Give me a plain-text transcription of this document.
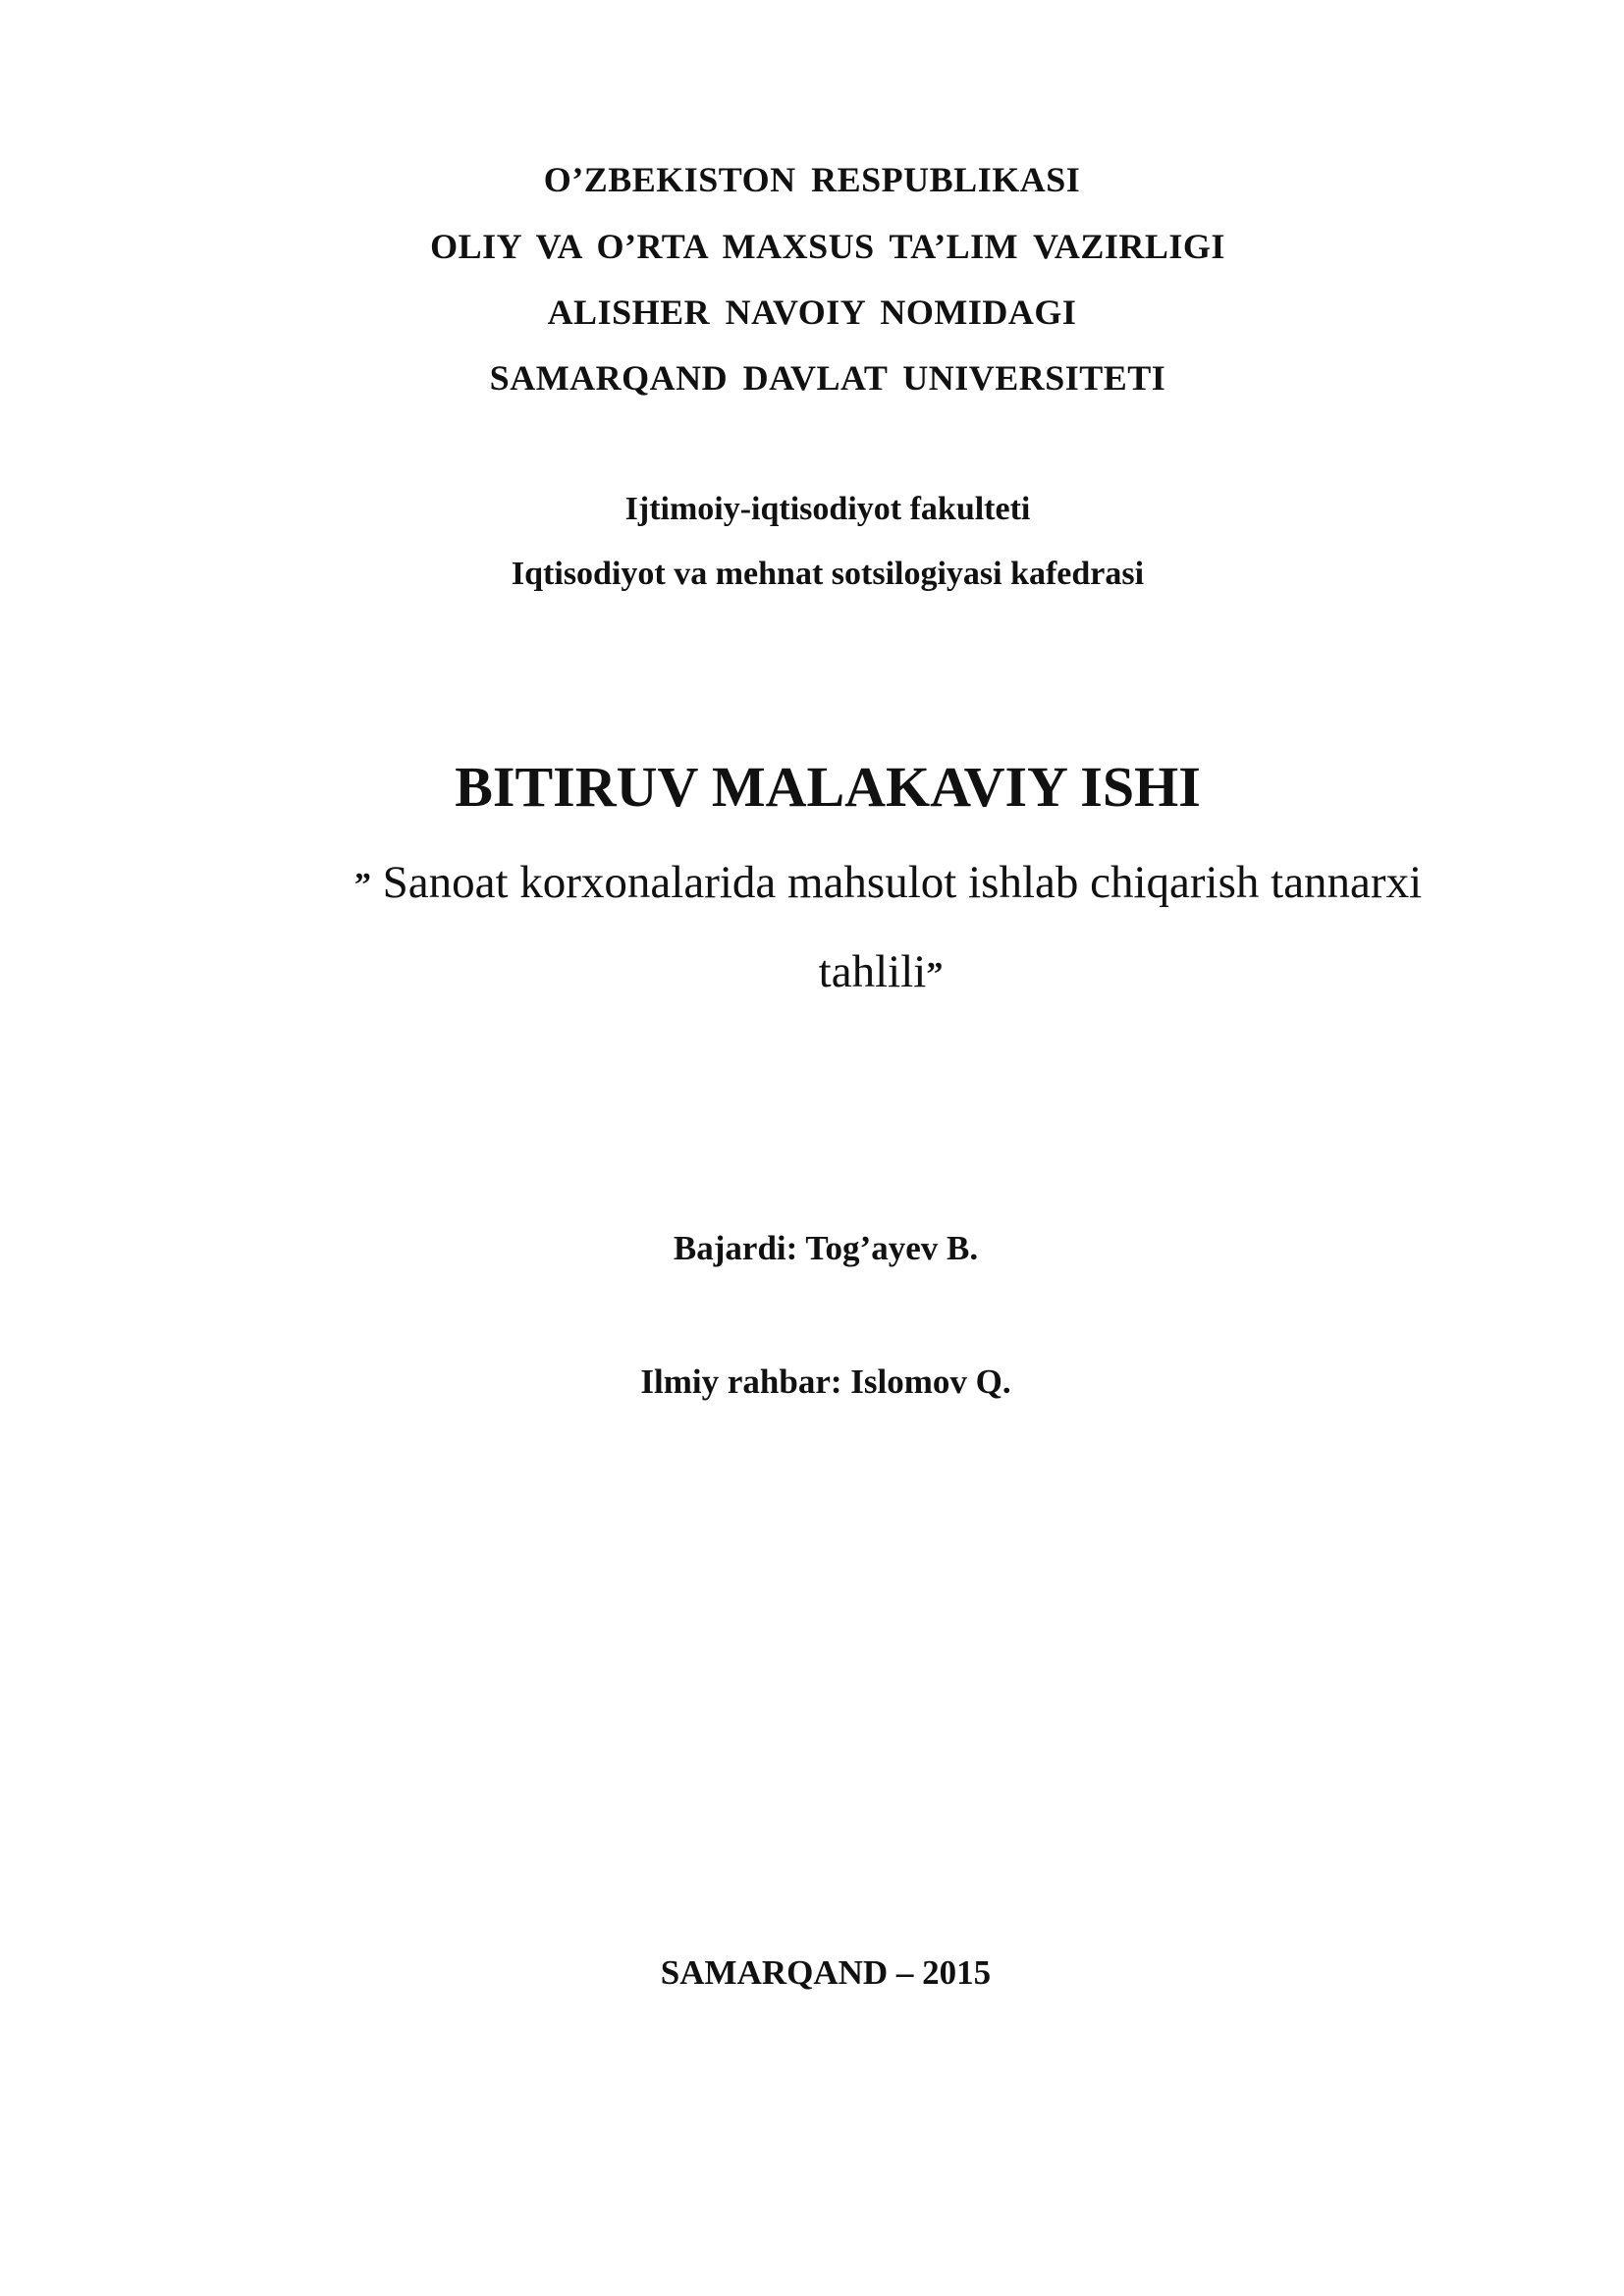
O’ZBEKISTON RESPUBLIKASI

OLIY VA O’RTA MAXSUS TA’LIM VAZIRLIGI

ALISHER NAVOIY NOMIDAGI

SAMARQAND DAVLAT UNIVERSITETI

Ijtimoiy-iqtisodiyot fakulteti

Iqtisodiyot va mehnat sotsilogiyasi kafedrasi

BITIRUV MALAKAVIY ISHI

” Sanoat korxonalarida mahsulot ishlab chiqarish tannarxi

tahlili”

Bajardi: Tog’ayev B.

Ilmiy rahbar: Islomov Q.

SAMARQAND – 2015
